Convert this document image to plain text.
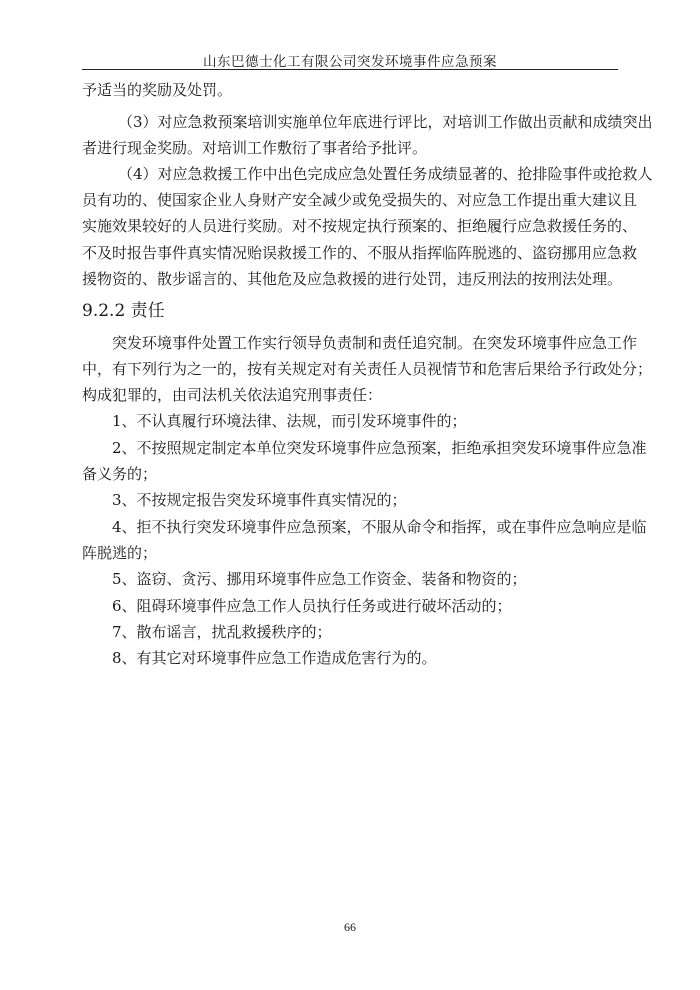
山东巴德士化工有限公司突发环境事件应急预案
予适当的奖励及处罚。
（3）对应急救预案培训实施单位年底进行评比，对培训工作做出贡献和成绩突出
者进行现金奖励。对培训工作敷衍了事者给予批评。
（4）对应急救援工作中出色完成应急处置任务成绩显著的、抢排险事件或抢救人
员有功的、使国家企业人身财产安全减少或免受损失的、对应急工作提出重大建议且
实施效果较好的人员进行奖励。对不按规定执行预案的、拒绝履行应急救援任务的、
不及时报告事件真实情况贻误救援工作的、不服从指挥临阵脱逃的、盗窃挪用应急救
援物资的、散步谣言的、其他危及应急救援的进行处罚，违反刑法的按刑法处理。
9.2.2 责任
突发环境事件处置工作实行领导负责制和责任追究制。在突发环境事件应急工作
中，有下列行为之一的，按有关规定对有关责任人员视情节和危害后果给予行政处分；
构成犯罪的，由司法机关依法追究刑事责任：
1、不认真履行环境法律、法规，而引发环境事件的；
2、不按照规定制定本单位突发环境事件应急预案，拒绝承担突发环境事件应急准
备义务的；
3、不按规定报告突发环境事件真实情况的；
4、拒不执行突发环境事件应急预案，不服从命令和指挥，或在事件应急响应是临
阵脱逃的；
5、盗窃、贪污、挪用环境事件应急工作资金、装备和物资的；
6、阻碍环境事件应急工作人员执行任务或进行破坏活动的；
7、散布谣言，扰乱救援秩序的；
8、有其它对环境事件应急工作造成危害行为的。
66
